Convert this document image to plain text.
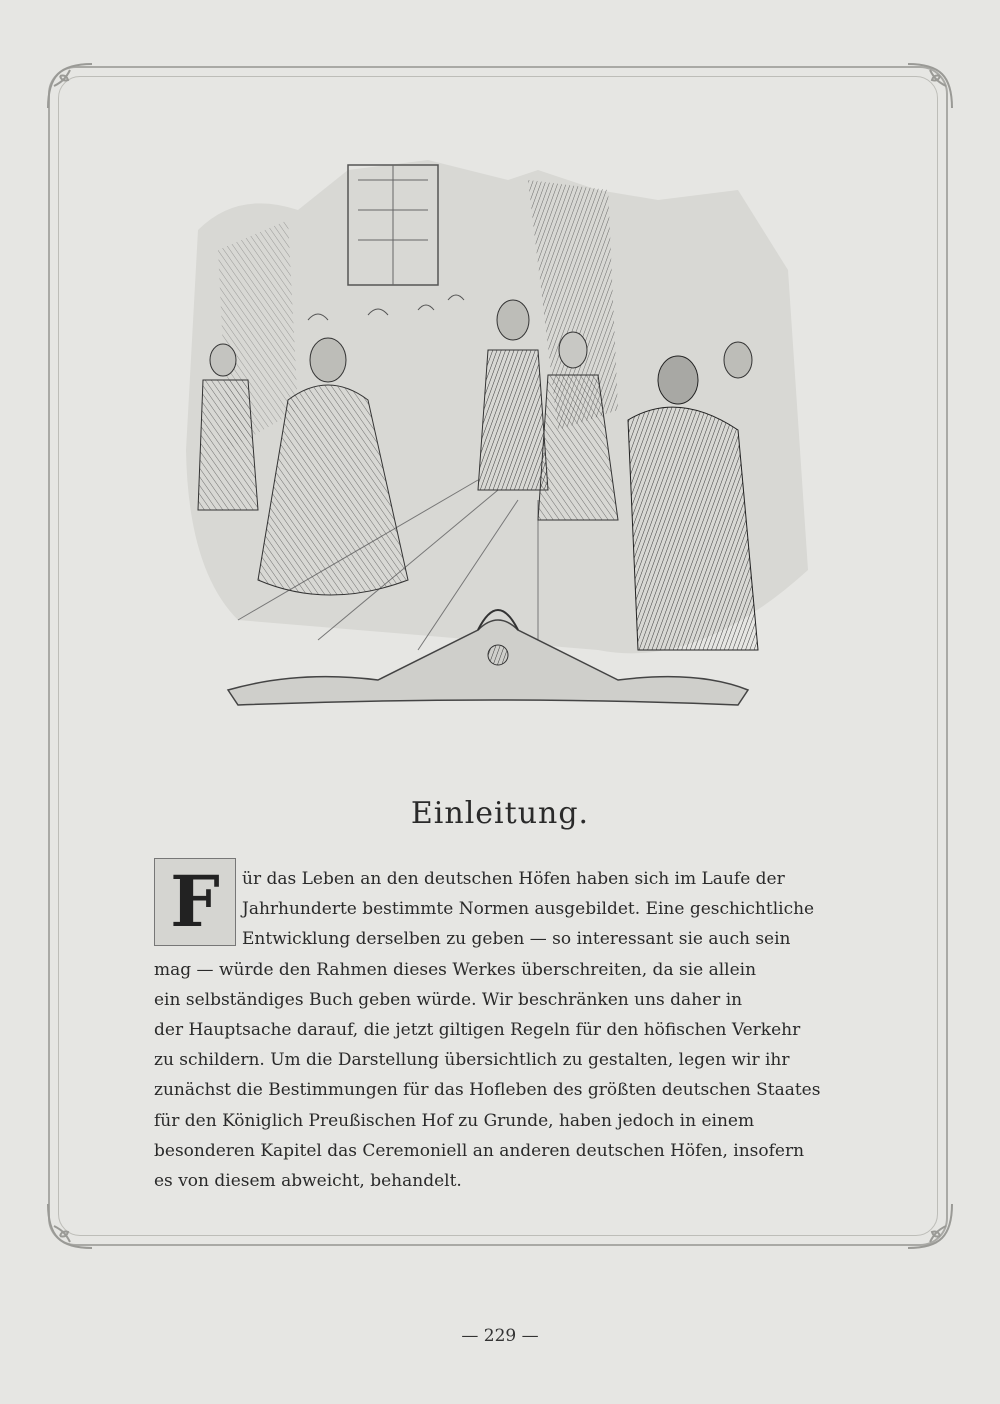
Einleitung.
F	ür das Leben an den deutschen Höfen haben sich im Laufe der
Jahrhunderte bestimmte Normen ausgebildet. Eine geschichtliche
Entwicklung derselben zu geben — so interessant sie auch sein
mag — würde den Rahmen dieses Werkes überschreiten, da sie allein
ein selbständiges Buch geben würde. Wir beschränken uns daher in
der Hauptsache darauf, die jetzt giltigen Regeln für den höfischen Verkehr
zu schildern. Um die Darstellung übersichtlich zu gestalten, legen wir ihr
zunächst die Bestimmungen für das Hofleben des größten deutschen Staates
für den Königlich Preußischen Hof zu Grunde, haben jedoch in einem
besonderen Kapitel das Ceremoniell an anderen deutschen Höfen, insofern
es von diesem abweicht, behandelt.
— 229 —
